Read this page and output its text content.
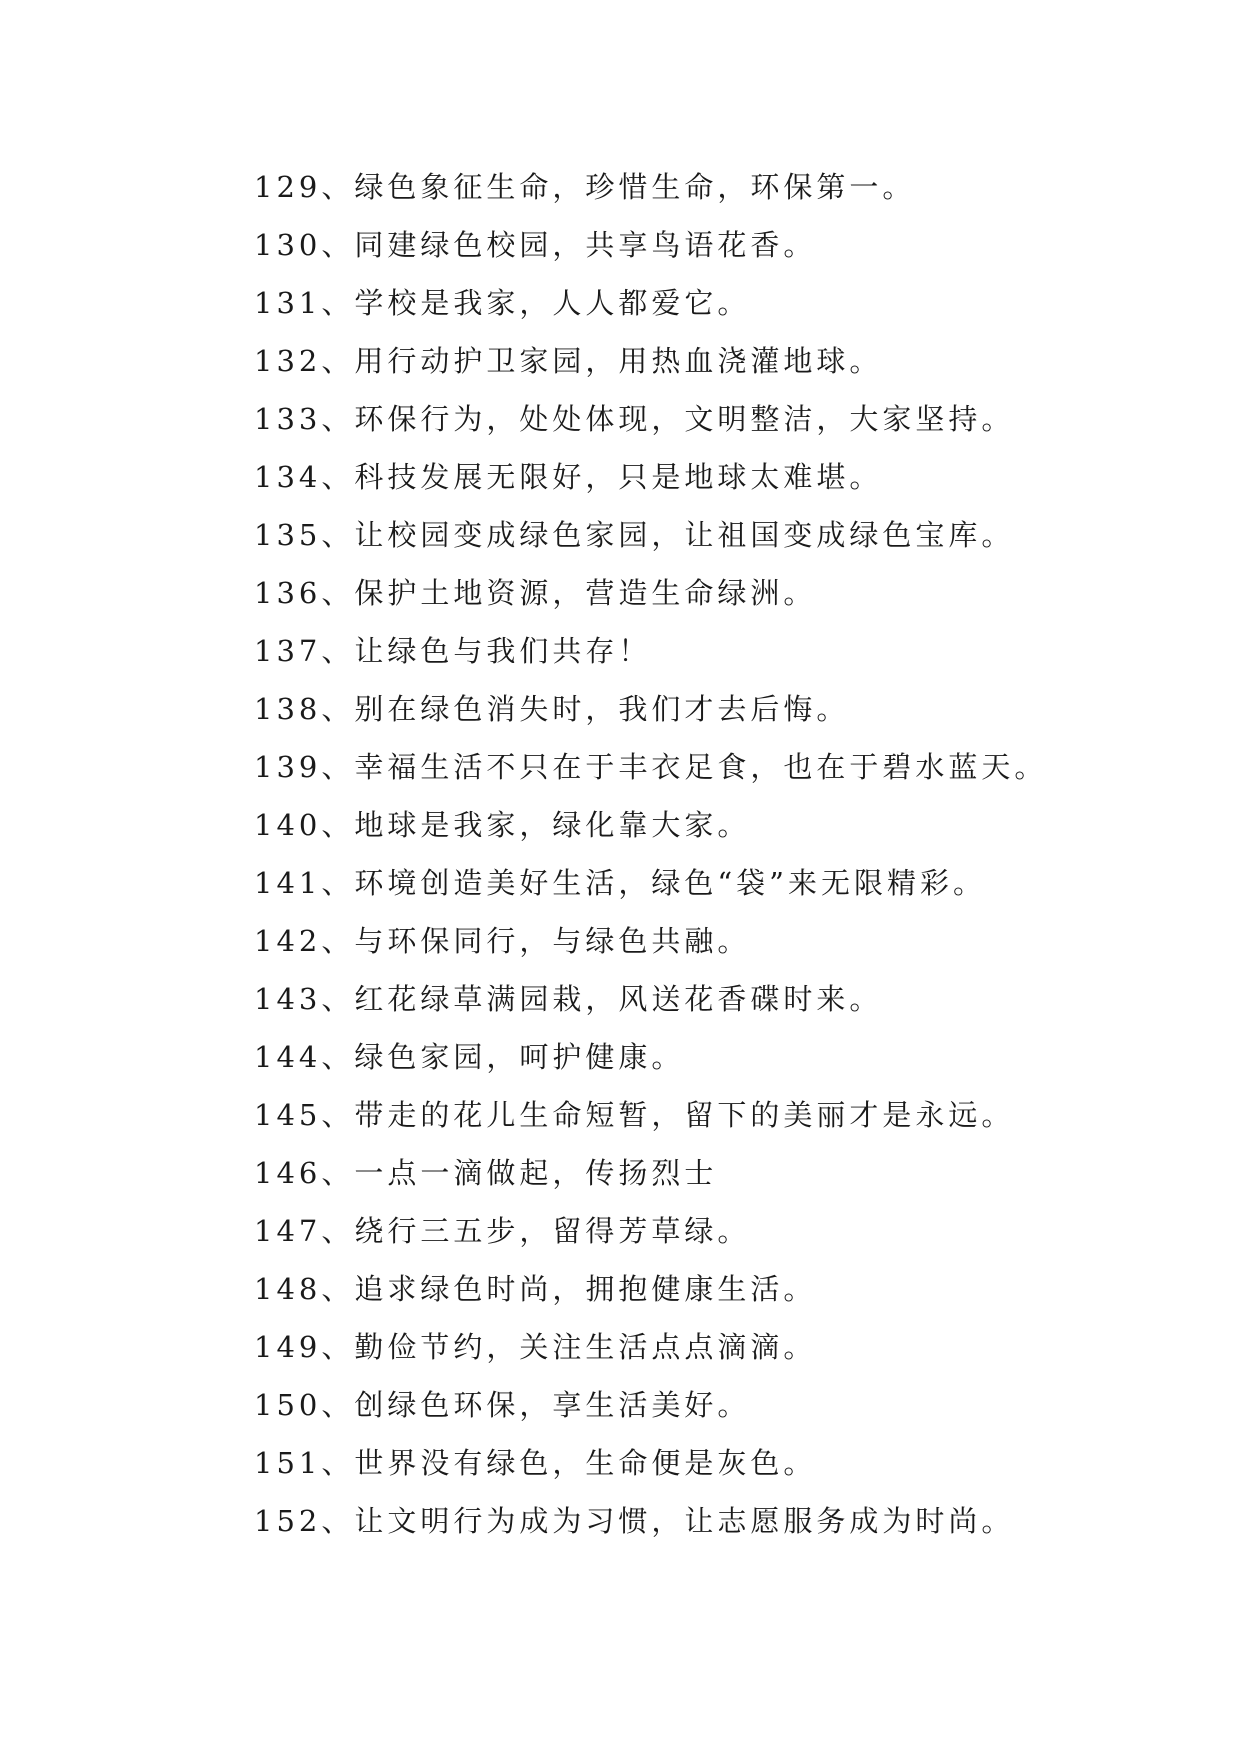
129、绿色象征生命，珍惜生命，环保第一。
130、同建绿色校园，共享鸟语花香。
131、学校是我家，人人都爱它。
132、用行动护卫家园，用热血浇灌地球。
133、环保行为，处处体现，文明整洁，大家坚持。
134、科技发展无限好，只是地球太难堪。
135、让校园变成绿色家园，让祖国变成绿色宝库。
136、保护土地资源，营造生命绿洲。
137、让绿色与我们共存！
138、别在绿色消失时，我们才去后悔。
139、幸福生活不只在于丰衣足食，也在于碧水蓝天。
140、地球是我家，绿化靠大家。
141、环境创造美好生活，绿色“袋”来无限精彩。
142、与环保同行，与绿色共融。
143、红花绿草满园栽，风送花香碟时来。
144、绿色家园，呵护健康。
145、带走的花儿生命短暂，留下的美丽才是永远。
146、一点一滴做起，传扬烈士
147、绕行三五步，留得芳草绿。
148、追求绿色时尚，拥抱健康生活。
149、勤俭节约，关注生活点点滴滴。
150、创绿色环保，享生活美好。
151、世界没有绿色，生命便是灰色。
152、让文明行为成为习惯，让志愿服务成为时尚。
